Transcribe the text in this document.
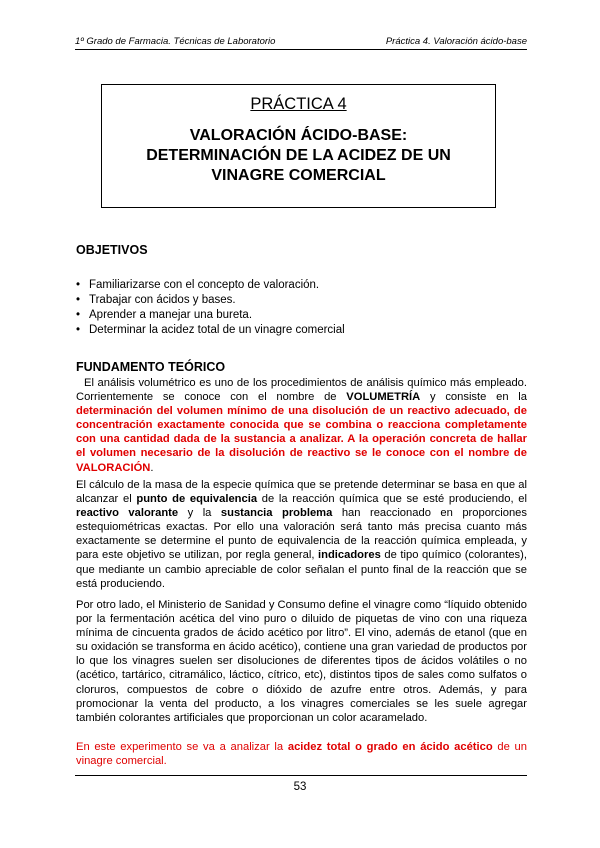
1º Grado de Farmacia. Técnicas de Laboratorio	Práctica 4. Valoración ácido-base
PRÁCTICA 4
VALORACIÓN ÁCIDO-BASE:
DETERMINACIÓN DE LA ACIDEZ DE UN
VINAGRE COMERCIAL
OBJETIVOS
• Familiarizarse con el concepto de valoración.
• Trabajar con ácidos y bases.
• Aprender a manejar una bureta.
• Determinar la acidez total de un vinagre comercial
FUNDAMENTO TEÓRICO

El análisis volumétrico es uno de los procedimientos de análisis químico más empleado. Corrientemente se conoce con el nombre de VOLUMETRÍA y consiste en la determinación del volumen mínimo de una disolución de un reactivo adecuado, de concentración exactamente conocida que se combina o reacciona completamente con una cantidad dada de la sustancia a analizar. A la operación concreta de hallar el volumen necesario de la disolución de reactivo se le conoce con el nombre de VALORACIÓN.

El cálculo de la masa de la especie química que se pretende determinar se basa en que al alcanzar el punto de equivalencia de la reacción química que se esté produciendo, el reactivo valorante y la sustancia problema han reaccionado en proporciones estequiométricas exactas. Por ello una valoración será tanto más precisa cuanto más exactamente se determine el punto de equivalencia de la reacción química empleada, y para este objetivo se utilizan, por regla general, indicadores de tipo químico (colorantes), que mediante un cambio apreciable de color señalan el punto final de la reacción que se está produciendo.

Por otro lado, el Ministerio de Sanidad y Consumo define el vinagre como “líquido obtenido por la fermentación acética del vino puro o diluido de piquetas de vino con una riqueza mínima de cincuenta grados de ácido acético por litro”. El vino, además de etanol (que en su oxidación se transforma en ácido acético), contiene una gran variedad de productos por lo que los vinagres suelen ser disoluciones de diferentes tipos de ácidos volátiles o no (acético, tartárico, citramálico, láctico, cítrico, etc), distintos tipos de sales como sulfatos o cloruros, compuestos de cobre o dióxido de azufre entre otros. Además, y para promocionar la venta del producto, a los vinagres comerciales se les suele agregar también colorantes artificiales que proporcionan un color acaramelado.

En este experimento se va a analizar la acidez total o grado en ácido acético de un vinagre comercial.

53
